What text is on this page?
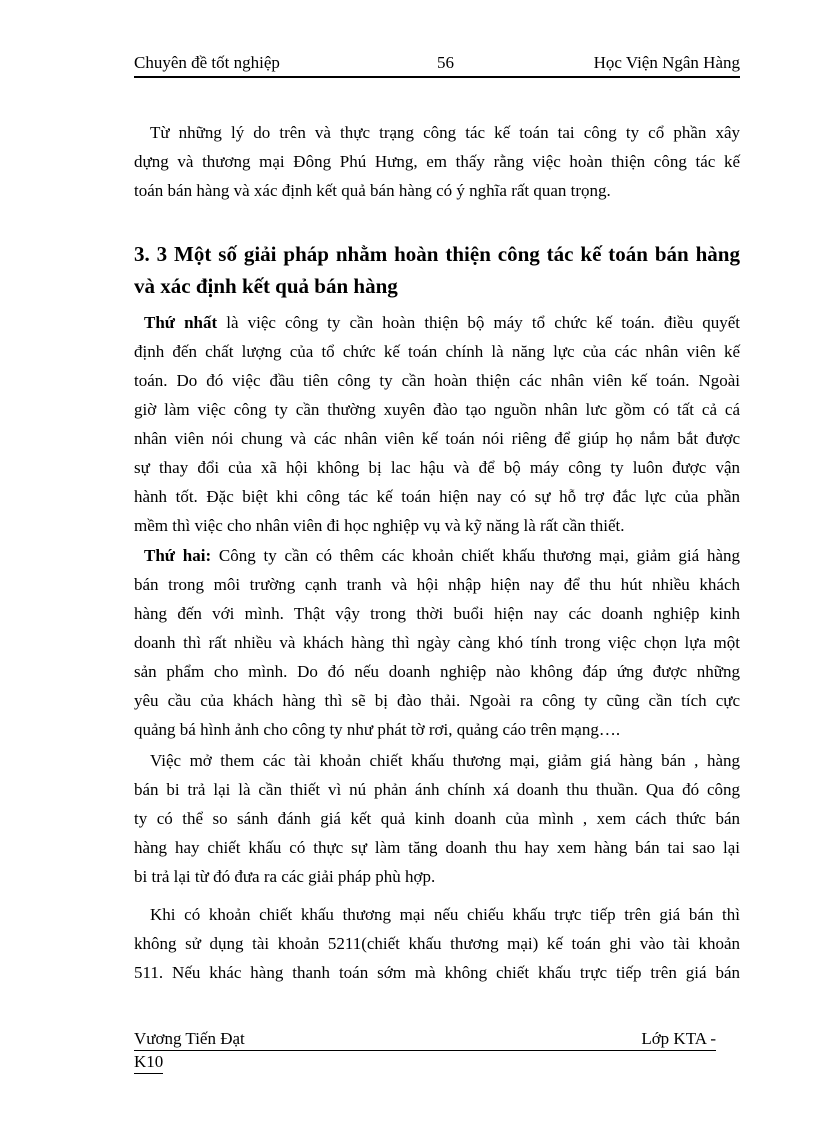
Chuyên đề tốt nghiệp	56	Học Viện Ngân Hàng
Từ những lý do trên và thực trạng công tác kế toán tai công ty cổ phần xây
dựng và thương mại Đông Phú Hưng, em thấy rằng việc hoàn thiện công tác kế
toán bán hàng và xác định kết quả bán hàng có ý nghĩa rất quan trọng.
3. 3 Một số giải pháp nhằm hoàn thiện công tác kế toán bán hàng
và xác định kết quả bán hàng
Thứ nhất là việc công ty cần hoàn thiện bộ máy tổ chức kế toán. điều quyết
định đến chất lượng của tổ chức kế toán chính là năng lực của các nhân viên kế
toán. Do đó việc đầu tiên công ty cần hoàn thiện các nhân viên kế toán. Ngoài
giờ làm việc công ty cần thường xuyên đào tạo nguồn nhân lưc gồm có tất cả cá
nhân viên nói chung và các nhân viên kế toán nói riêng để giúp họ nắm bắt được
sự thay đổi của xã hội không bị lac hậu và để bộ máy công ty luôn được vận
hành tốt. Đặc biệt khi công tác kế toán hiện nay có sự hỗ trợ đắc lực của phần
mềm thì việc cho nhân viên đi học nghiệp vụ và kỹ năng là rất cần thiết.
Thứ hai: Công ty cần có thêm các khoản chiết khấu thương mại, giảm giá hàng
bán trong môi trường cạnh tranh và hội nhập hiện nay để thu hút nhiều khách
hàng đến với mình. Thật vậy trong thời buổi hiện nay các doanh nghiệp kinh
doanh thì rất nhiều và khách hàng thì ngày càng khó tính trong việc chọn lựa một
sản phẩm cho mình. Do đó nếu doanh nghiệp nào không đáp ứng được những
yêu cầu của khách hàng thì sẽ bị đào thải. Ngoài ra công ty cũng cần tích cực
quảng bá hình ảnh cho công ty như phát tờ rơi, quảng cáo trên mạng….
Việc mở them các tài khoản chiết khấu thương mại, giảm giá hàng bán , hàng
bán bi trả lại là cần thiết vì nú phản ánh chính xá doanh thu thuần. Qua đó công
ty có thể so sánh đánh giá kết quả kinh doanh của mình , xem cách thức bán
hàng hay chiết khấu có thực sự làm tăng doanh thu hay xem hàng bán tai sao lại
bi trả lại từ đó đưa ra các giải pháp phù hợp.
Khi có khoản chiết khấu thương mại nếu chiếu khấu trực tiếp trên giá bán thì
không sử dụng tài khoản 5211(chiết khấu thương mại) kế toán ghi vào tài khoản
511. Nếu khác hàng thanh toán sớm mà không chiết khấu trực tiếp trên giá bán
Vương Tiến Đạt	Lớp KTA -
K10
